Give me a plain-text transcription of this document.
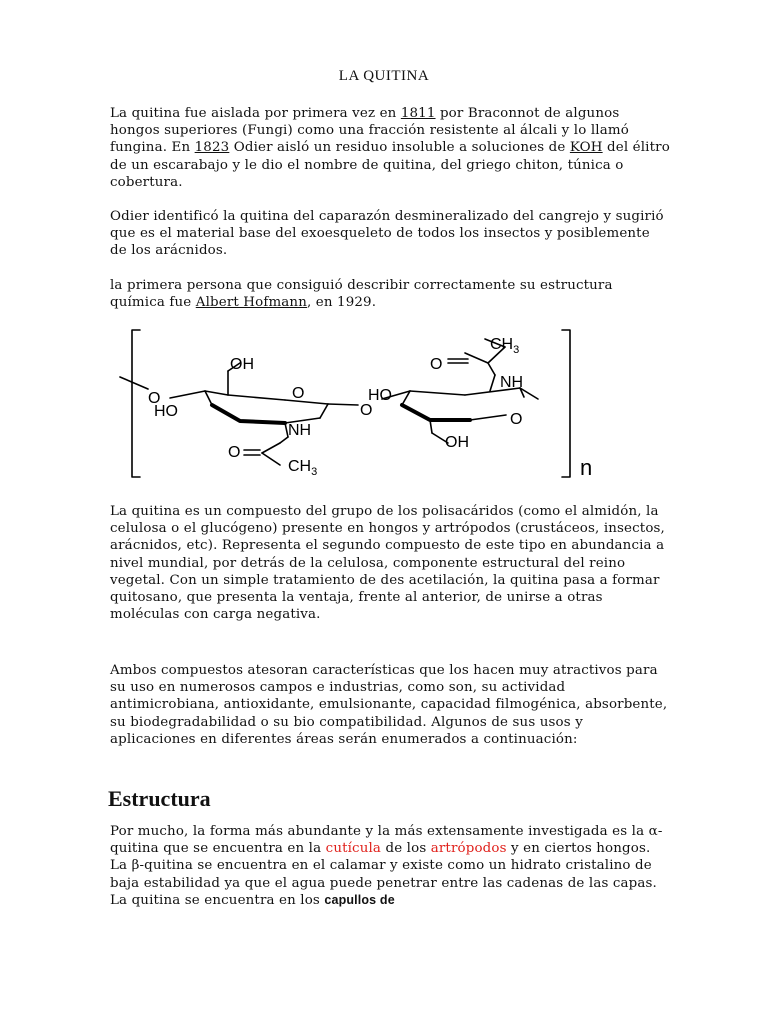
LA QUITINA
La quitina fue aislada por primera vez en 1811 por Braconnot de algunos hongos superiores (Fungi) como una fracción resistente al álcali y lo llamó fungina. En 1823 Odier aisló un residuo insoluble a soluciones de KOH del élitro de un escarabajo y le dio el nombre de quitina, del griego chiton, túnica o cobertura.
Odier identificó la quitina del caparazón desmineralizado del cangrejo y sugirió que es el material base del exoesqueleto de todos los insectos y posiblemente de los arácnidos.
la primera persona que consiguió describir correctamente su estructura química fue Albert Hofmann, en 1929.
OH
O
O
HO
NH
O
$CH_3$
O
HO
O
NH
O
$CH_3$
OH
n
La quitina es un compuesto del grupo de los polisacáridos (como el almidón, la celulosa o el glucógeno) presente en hongos y artrópodos (crustáceos, insectos, arácnidos, etc). Representa el segundo compuesto de este tipo en abundancia a nivel mundial, por detrás de la celulosa, componente estructural del reino vegetal. Con un simple tratamiento de des acetilación, la quitina pasa a formar quitosano, que presenta la ventaja, frente al anterior, de unirse a otras moléculas con carga negativa.
Ambos compuestos atesoran características que los hacen muy atractivos para su uso en numerosos campos e industrias, como son, su actividad antimicrobiana, antioxidante, emulsionante, capacidad filmogénica, absorbente, su biodegradabilidad o su bio compatibilidad. Algunos de sus usos y aplicaciones en diferentes áreas serán enumerados a continuación:
Estructura
Por mucho, la forma más abundante y la más extensamente investigada es la α-quitina que se encuentra en la cutícula de los artrópodos y en ciertos hongos. La β-quitina se encuentra en el calamar y existe como un hidrato cristalino de baja estabilidad ya que el agua puede penetrar entre las cadenas de las capas. La quitina se encuentra en los capullos de
